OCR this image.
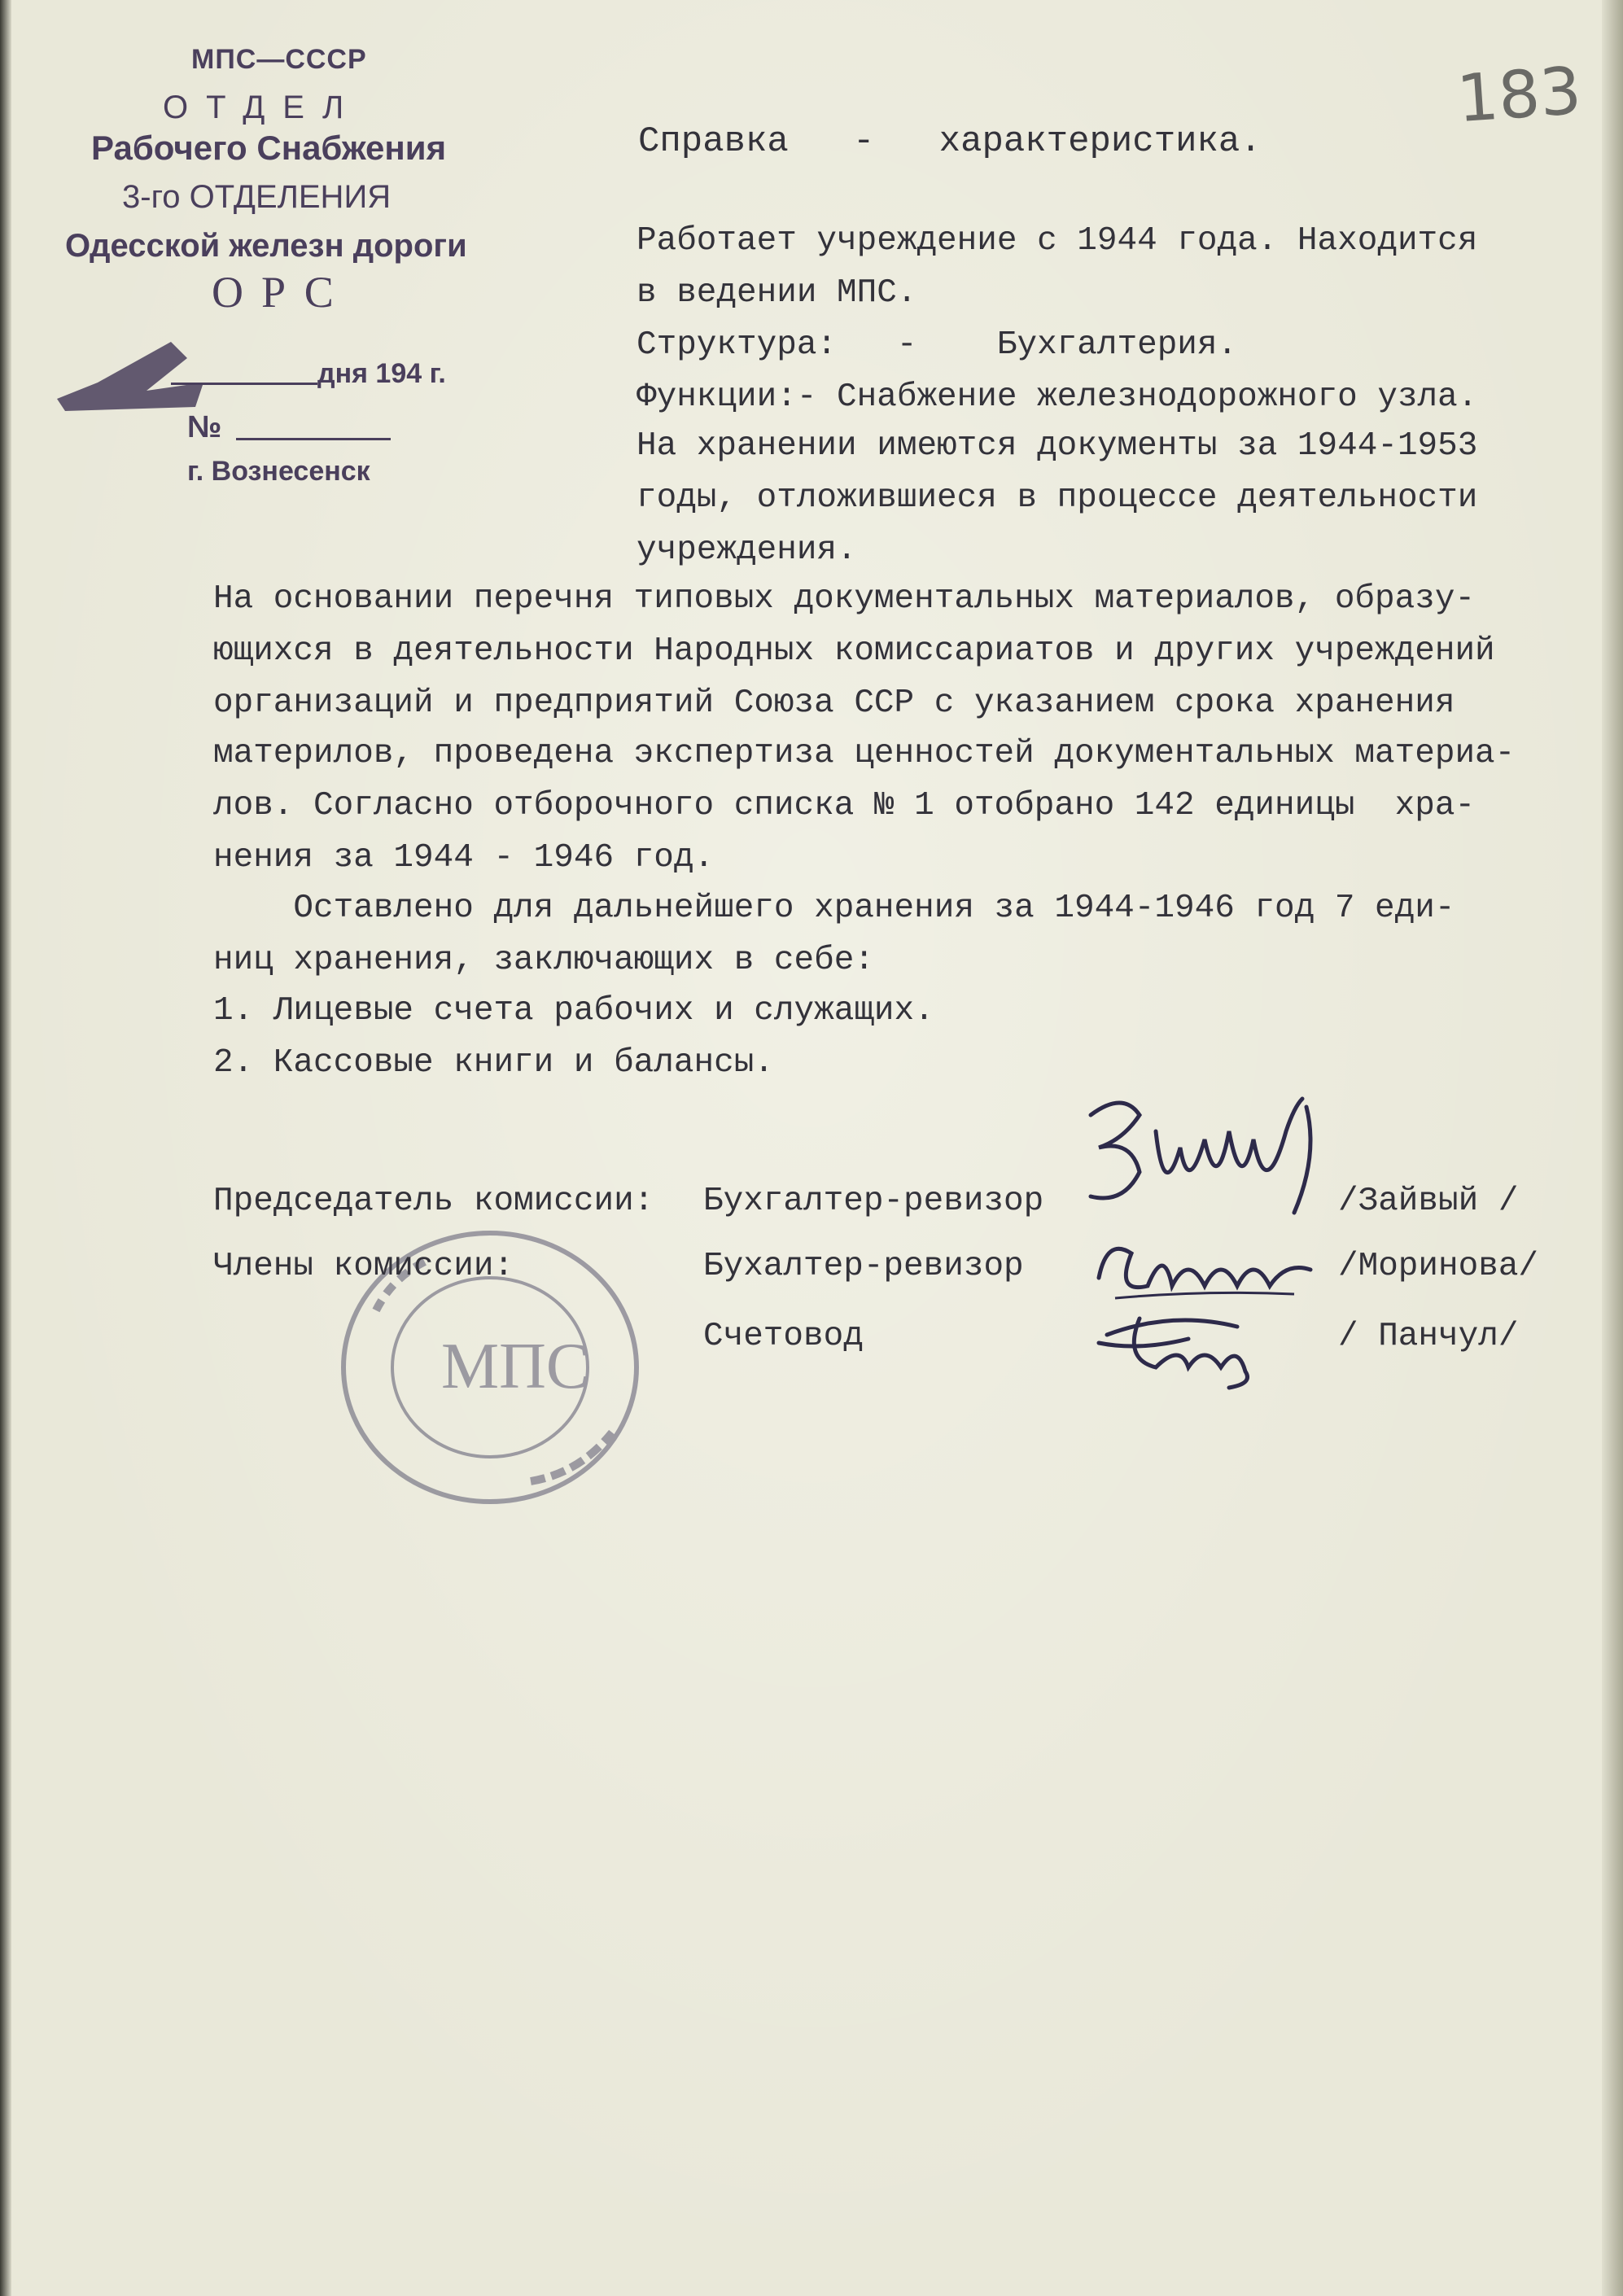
183
МПС—СССР
ОТДЕЛ
Рабочего Снабжения
3-го ОТДЕЛЕНИЯ
Одесской железн дороги
ОРС
дня 194 г.
№
г. Вознесенск
Справка   -   характеристика.
Работает учреждение с 1944 года. Находится
в ведении МПС.
Структура:   -    Бухгалтерия.
Функции:- Снабжение железнодорожного узла.
На хранении имеются документы за 1944-1953
годы, отложившиеся в процессе деятельности
учреждения.
На основании перечня типовых документальных материалов, образу-
ющихся в деятельности Народных комиссариатов и других учреждений
организаций и предприятий Союза ССР с указанием срока хранения
материлов, проведена экспертиза ценностей документальных материа-
лов. Согласно отборочного списка № 1 отобрано 142 единицы  хра-
нения за 1944 - 1946 год.
Оставлено для дальнейшего хранения за 1944-1946 год 7 еди-
ниц хранения, заключающих в себе:
1. Лицевые счета рабочих и служащих.
2. Кассовые книги и балансы.
МПС
Председатель комиссии: Бухгалтер-ревизор	/Зайвый /
Члены комиссии:	Бухалтер-ревизор	/Моринова/
Счетовод	/ Панчул/
